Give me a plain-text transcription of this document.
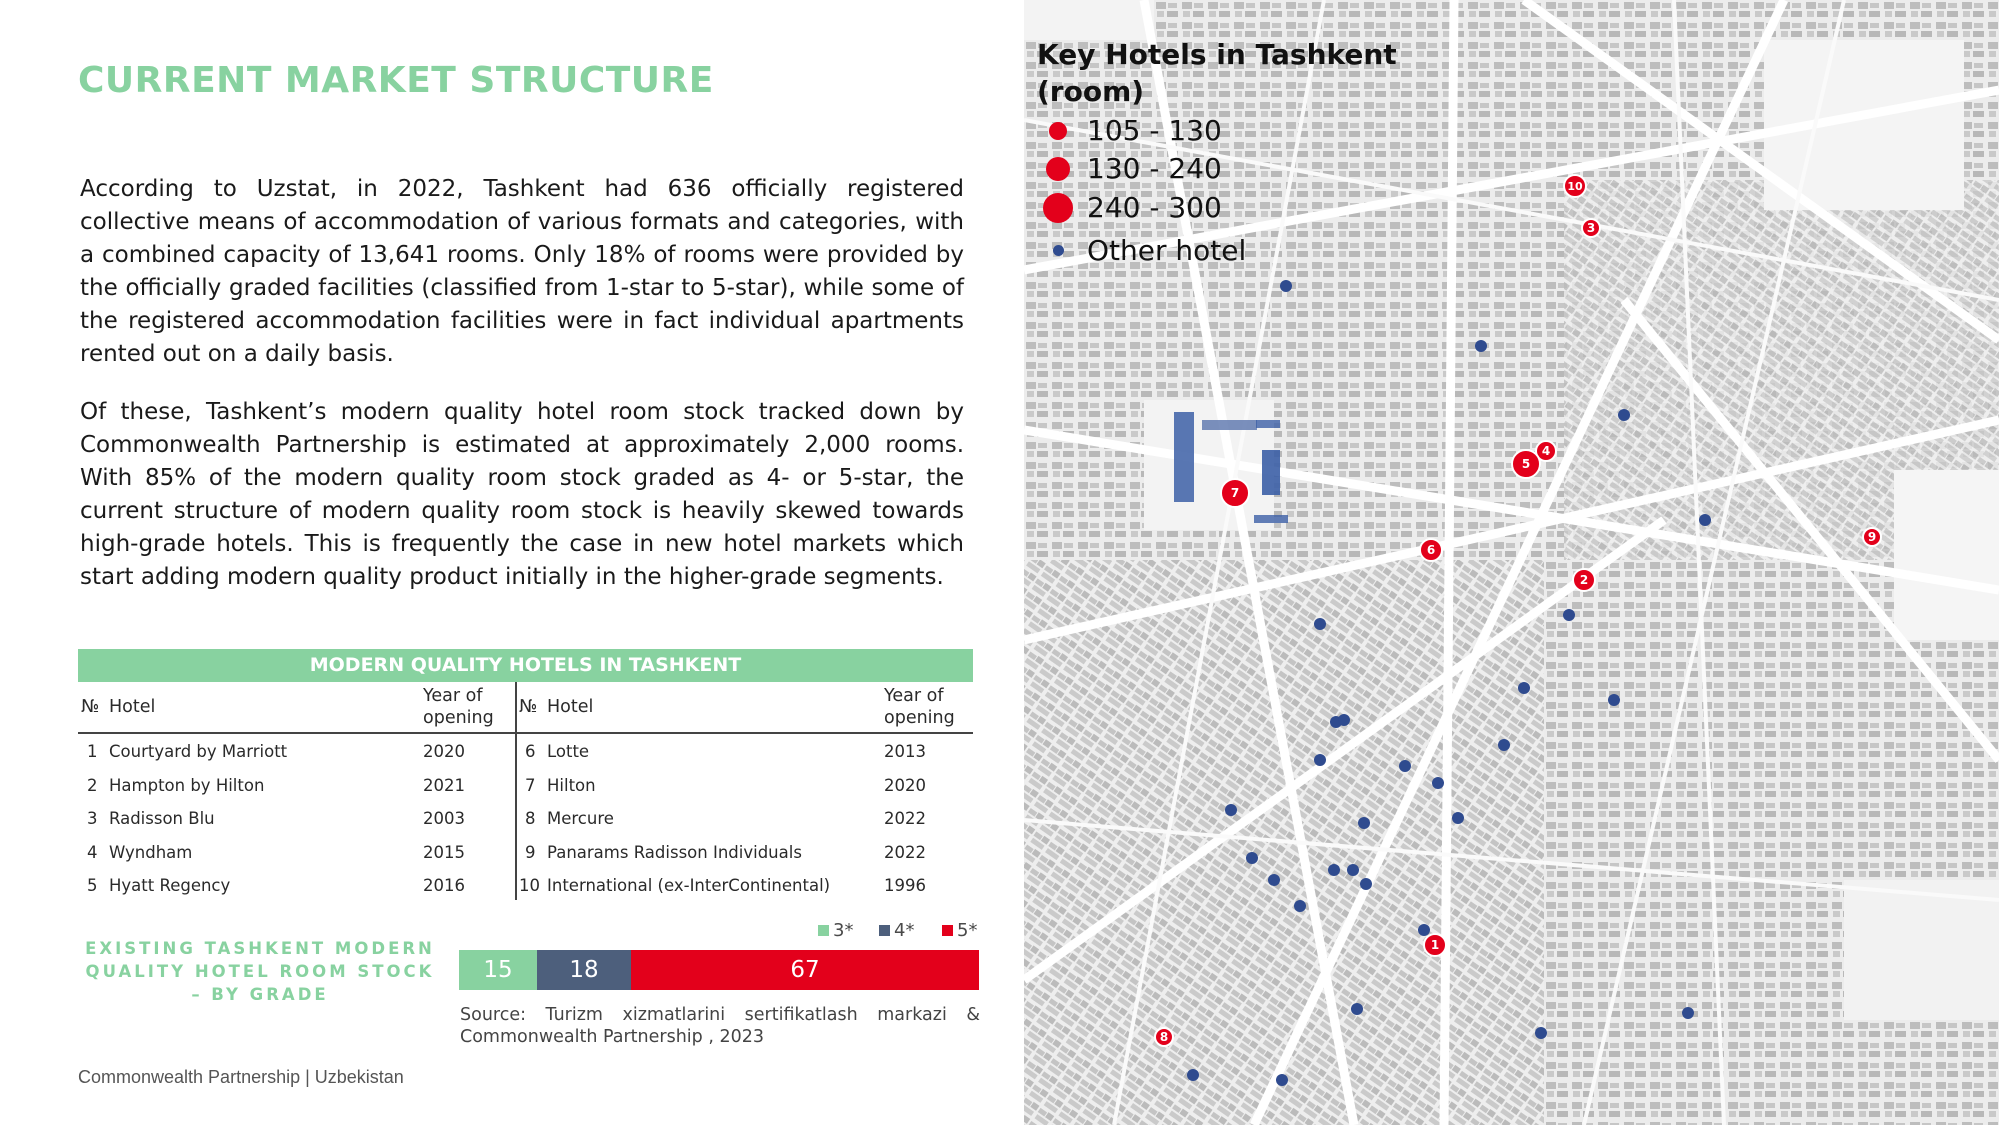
CURRENT MARKET STRUCTURE

According to Uzstat, in 2022, Tashkent had 636 officially registered collective means of accommodation of various formats and categories, with a combined capacity of 13,641 rooms. Only 18% of rooms were provided by the officially graded facilities (classified from 1-star to 5-star), while some of the registered accommodation facilities were in fact individual apartments rented out on a daily basis.

Of these, Tashkent’s modern quality hotel room stock tracked down by Commonwealth Partnership is estimated at approximately 2,000 rooms. With 85% of the modern quality room stock graded as 4- or 5-star, the current structure of modern quality room stock is heavily skewed towards high-grade hotels. This is frequently the case in new hotel markets which start adding modern quality product initially in the higher-grade segments.

MODERN QUALITY HOTELS IN TASHKENT
№ Hotel
Year of opening
№ Hotel
Year of opening
1 Courtyard by Marriott	2020
2 Hampton by Hilton	2021
3 Radisson Blu	2003
4 Wyndham	2015
5 Hyatt Regency	2016
6 Lotte	2013
7 Hilton	2020
8 Mercure	2022
9 Panarams Radisson Individuals	2022
10 International (ex-InterContinental)	1996
EXISTING TASHKENT MODERN QUALITY HOTEL ROOM STOCK – BY GRADE
3* 4* 5*
15	18	67
Source: Turizm xizmatlarini sertifikatlash markazi & Commonwealth Partnership , 2023
Commonwealth Partnership | Uzbekistan
1
2
3
4
5
6
7
8
9
10
Key Hotels in Tashkent (room)
105 - 130
130 - 240
240 - 300
Other hotel
